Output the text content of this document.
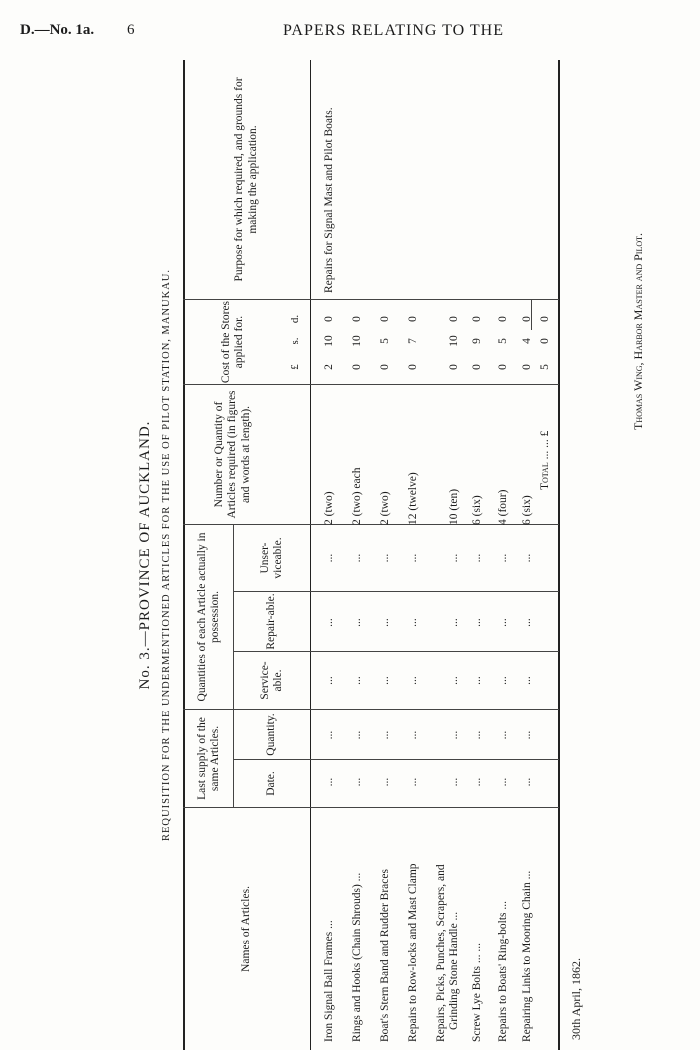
D.—No. 1a. 6	PAPERS RELATING TO THE
No. 3.—PROVINCE OF AUCKLAND. REQUISITION FOR THE UNDERMENTIONED ARTICLES FOR THE USE OF PILOT STATION, MANUKAU.
Names of Articles.
Last supply of the same Articles.	Date.
Quantity.
Quantities of each Article actually in possession.
Service-able.
Repair-able.
Unser-viceable.
Number or Quantity of Articles required (in figures and words at length).
Cost of the Stores applied for.
Purpose for which required, and grounds for making the application.
£
s.
d.
Iron Signal Ball Frames ...
...
...
...
...
...
2 (two)
2
10
0
Repairs for Signal Mast and Pilot Boats.
Rings and Hooks (Chain Shrouds) ...
...
...
...
...
...
2 (two) each
0
10
0
Boat's Stern Band and Rudder Braces
...
...
...
...
...
2 (two)
0
5
0
Repairs to Row-locks and Mast Clamp
...
...
...
...
...
12 (twelve)
0
7
0
Repairs, Picks, Punches, Scrapers, and Grinding Stone Handle ...
...
...
...
...
...
10 (ten)
0
10
0
Screw Lye Bolts ... ...
...
...
...
...
...
6 (six)
0
9
0
Repairs to Boats' Ring-bolts ...
...
...
...
...
...
4 (four)
0
5
0
Repairing Links to Mooring Chain ...
...
...
...
...
...
6 (six)
0
4
0
Total ... ... £
5
0
0
30th April, 1862.
Thomas Wing, Harbor Master and Pilot.
